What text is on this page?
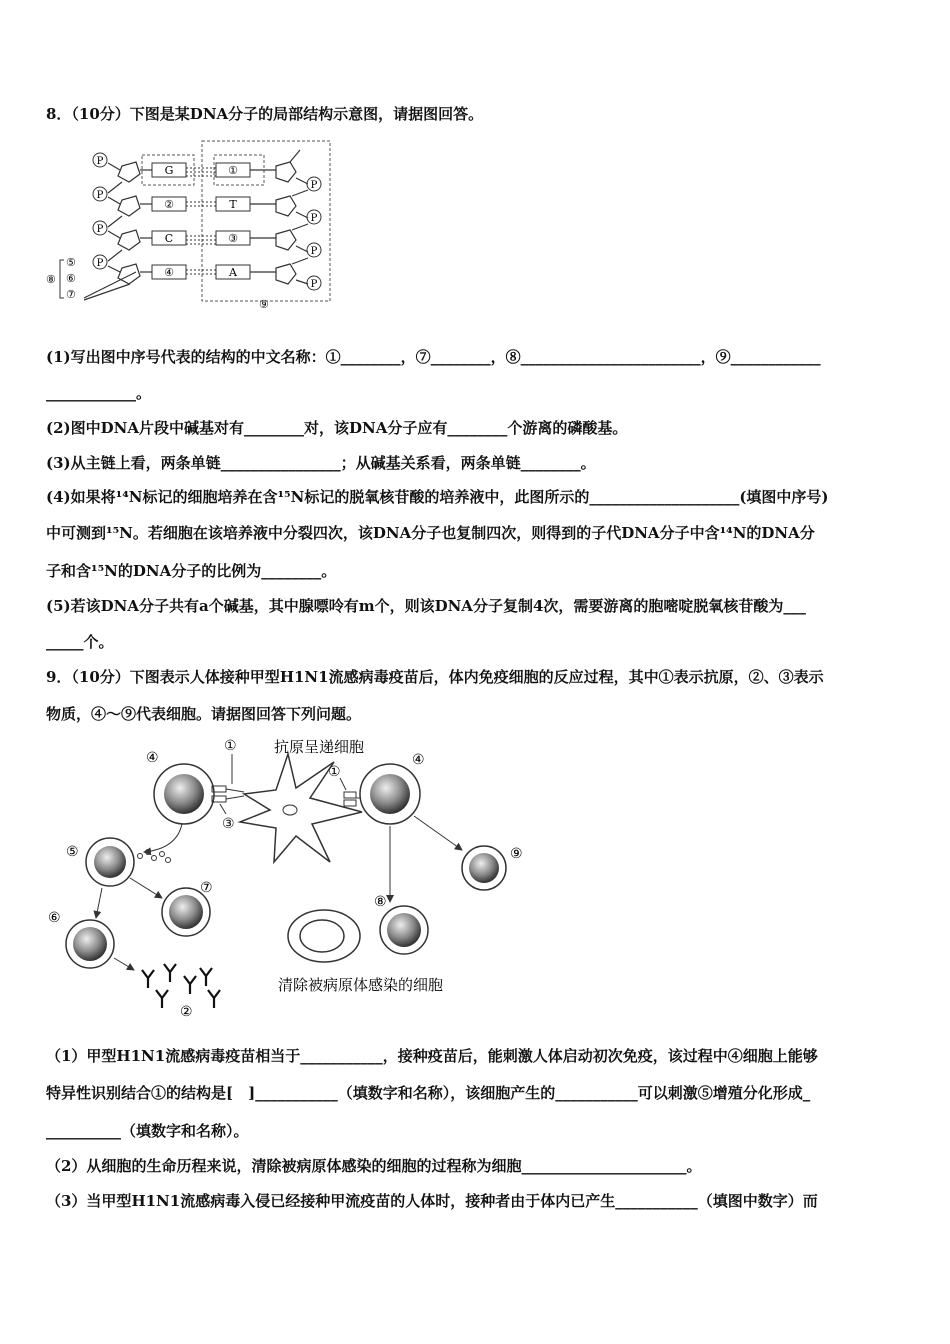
8．（10分）下图是某DNA分子的局部结构示意图，请据图回答。
P
P
P
P
G
②
C
④
①
T
③
A
P
P
P
P
⑧
⑤
⑥
⑦
⑨
(1)写出图中序号代表的结构的中文名称：①________，⑦________，⑧________________________，⑨____________
____________。
(2)图中DNA片段中碱基对有________对，该DNA分子应有________个游离的磷酸基。
(3)从主链上看，两条单链________________；从碱基关系看，两条单链________。
(4)如果将¹⁴N标记的细胞培养在含¹⁵N标记的脱氧核苷酸的培养液中，此图所示的____________________(填图中序号)
中可测到¹⁵N。若细胞在该培养液中分裂四次，该DNA分子也复制四次，则得到的子代DNA分子中含¹⁴N的DNA分
子和含¹⁵N的DNA分子的比例为________。
(5)若该DNA分子共有a个碱基，其中腺嘌呤有m个，则该DNA分子复制4次，需要游离的胞嘧啶脱氧核苷酸为___
_____个。
9．（10分）下图表示人体接种甲型H1N1流感病毒疫苗后，体内免疫细胞的反应过程，其中①表示抗原，②、③表示
物质，④～⑨代表细胞。请据图回答下列问题。
④
①
③
抗原呈递细胞
①
④
⑤
⑦
⑥
②
⑨
⑧
清除被病原体感染的细胞
（1）甲型H1N1流感病毒疫苗相当于___________，接种疫苗后，能刺激人体启动初次免疫，该过程中④细胞上能够
特异性识别结合①的结构是[　]___________（填数字和名称），该细胞产生的___________可以刺激⑤增殖分化形成_
__________（填数字和名称）。
（2）从细胞的生命历程来说，清除被病原体感染的细胞的过程称为细胞______________________。
（3）当甲型H1N1流感病毒入侵已经接种甲流疫苗的人体时，接种者由于体内已产生___________（填图中数字）而
